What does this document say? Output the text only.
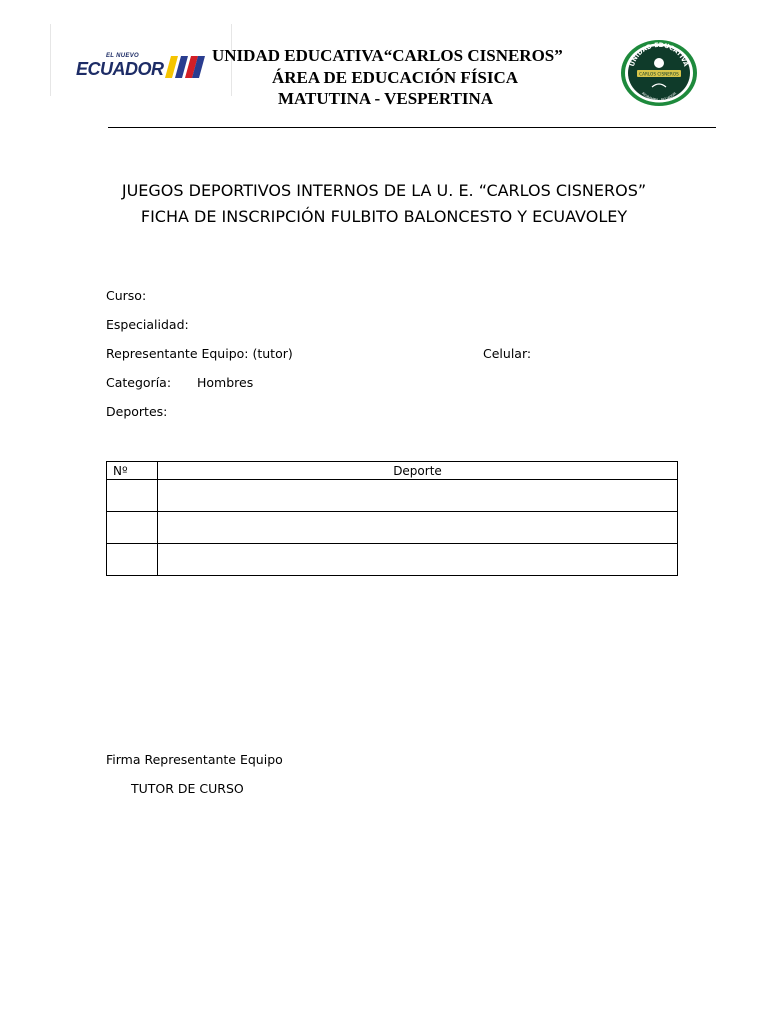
EL NUEVO
ECUADOR
UNIDAD EDUCATIVA“CARLOS CISNEROS”
ÁREA DE EDUCACIÓN FÍSICA
MATUTINA - VESPERTINA
UNIDAD EDUCATIVA
CARLOS CISNEROS
RIOBAMBA - ECUADOR
JUEGOS DEPORTIVOS INTERNOS DE LA U. E. “CARLOS CISNEROS”
FICHA DE INSCRIPCIÓN FULBITO BALONCESTO Y ECUAVOLEY
Curso:
Especialidad:
Representante Equipo: (tutor)	Celular:
Categoría: Hombres
Deportes:
Nº	Deporte

Firma Representante Equipo
TUTOR DE CURSO
